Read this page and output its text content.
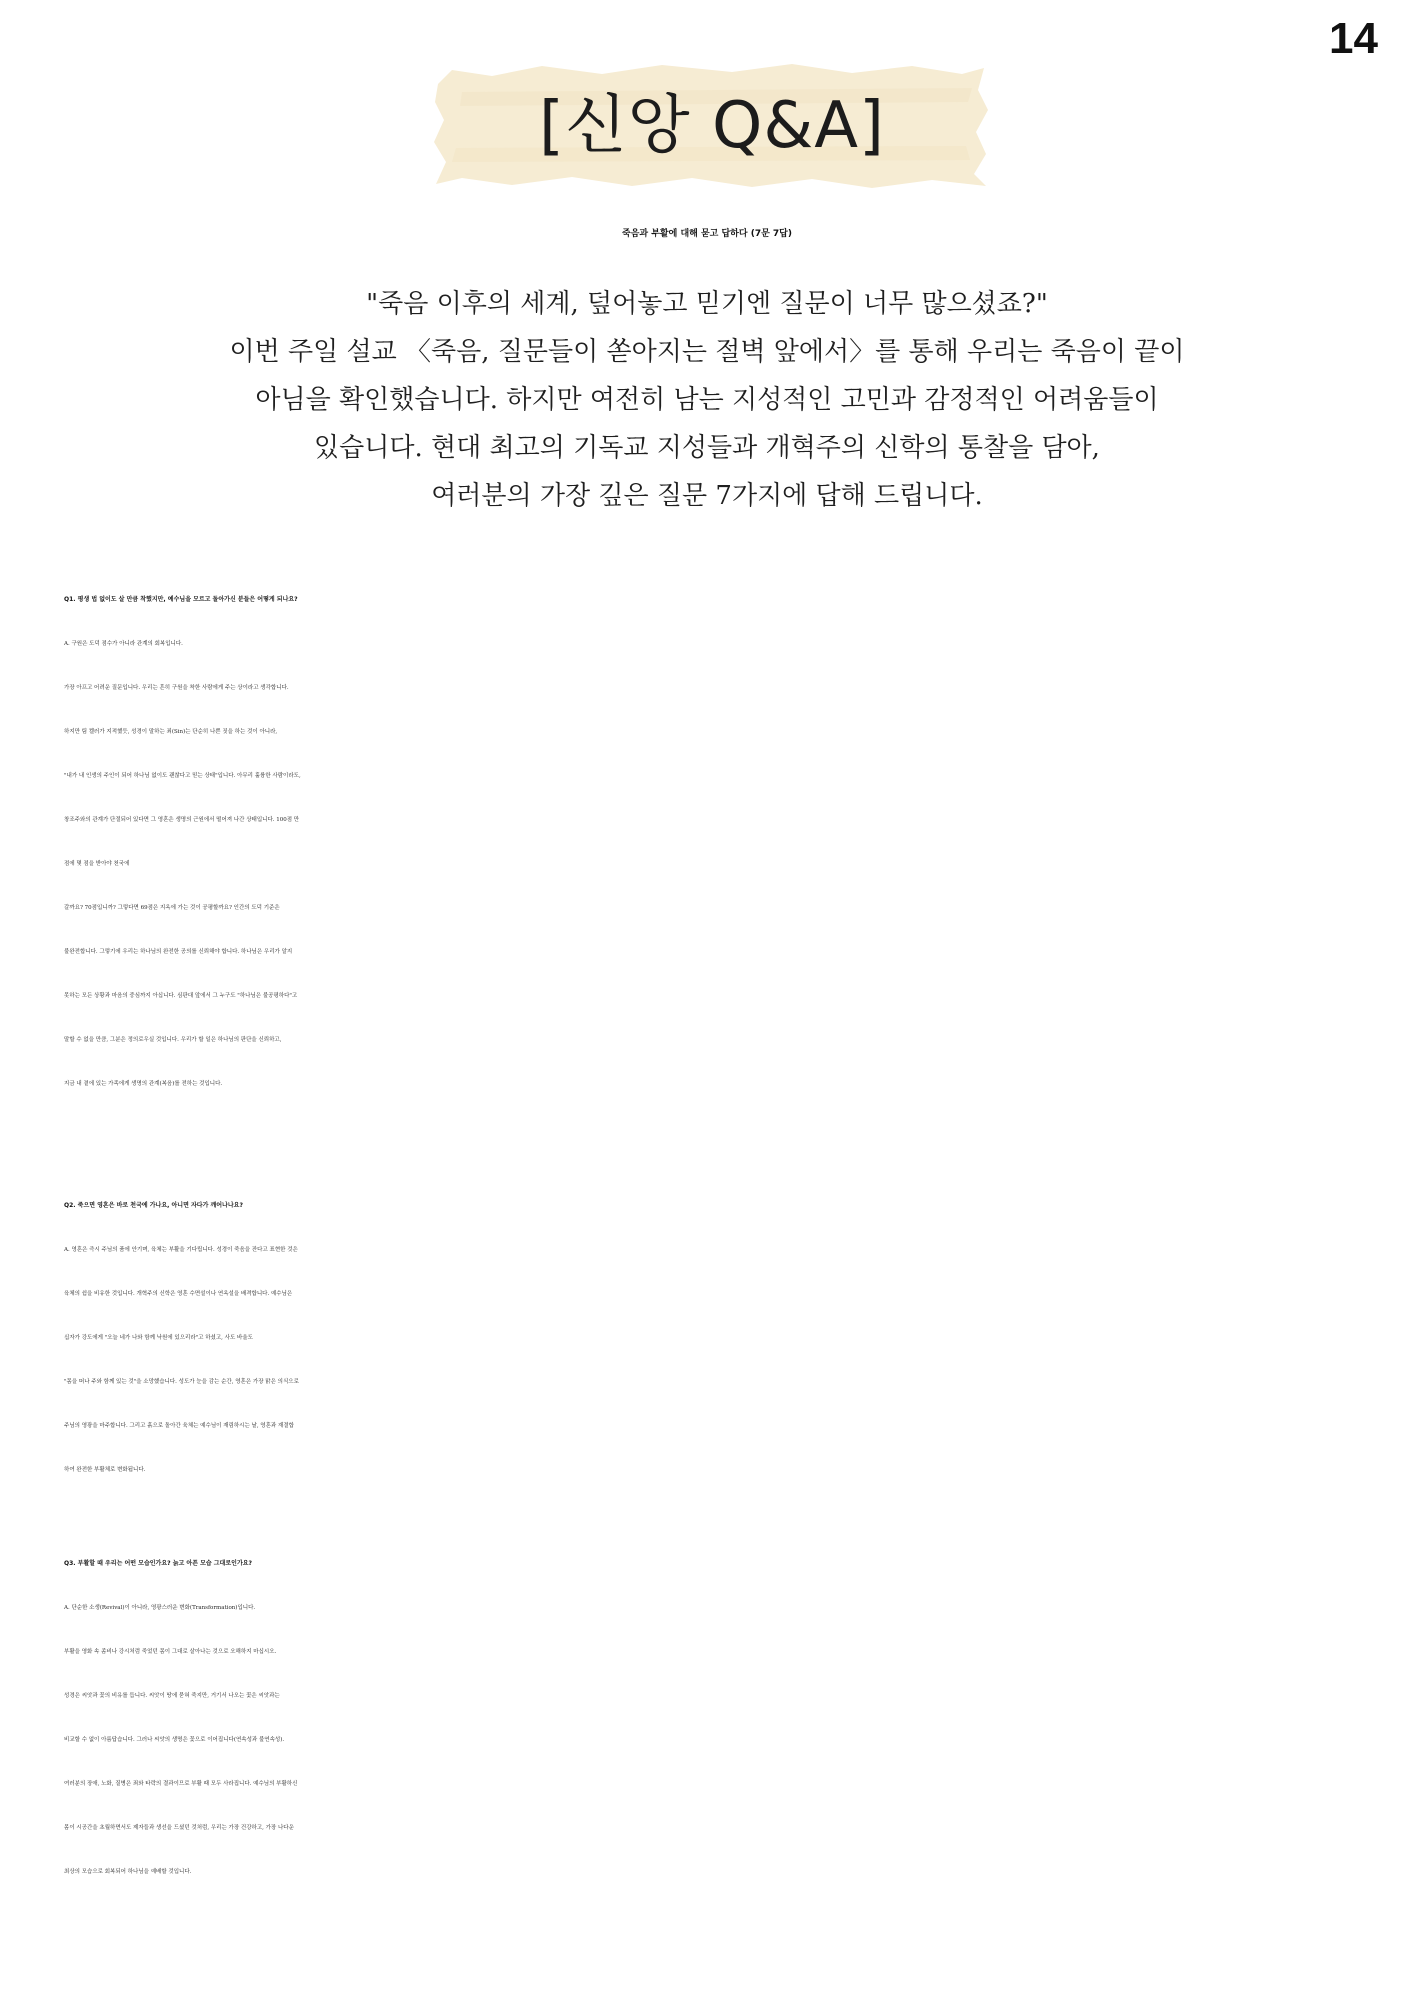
14
[신앙 Q&A]
죽음과 부활에 대해 묻고 답하다 (7문 7답)

"죽음 이후의 세계, 덮어놓고 믿기엔 질문이 너무 많으셨죠?"

이번 주일 설교 〈죽음, 질문들이 쏟아지는 절벽 앞에서〉를 통해 우리는 죽음이 끝이

아님을 확인했습니다. 하지만 여전히 남는 지성적인 고민과 감정적인 어려움들이

있습니다. 현대 최고의 기독교 지성들과 개혁주의 신학의 통찰을 담아,

여러분의 가장 깊은 질문 7가지에 답해 드립니다.

Q1. 평생 법 없이도 살 만큼 착했지만, 예수님을 모르고 돌아가신 분들은 어떻게 되나요?

A. 구원은 도덕 점수가 아니라 관계의 회복입니다.

가장 아프고 어려운 질문입니다. 우리는 흔히 구원을 착한 사람에게 주는 상이라고 생각합니다.

하지만 팀 켈러가 지적했듯, 성경이 말하는 죄(Sin)는 단순히 나쁜 짓을 하는 것이 아니라,

"내가 내 인생의 주인이 되어 하나님 없이도 괜찮다고 믿는 상태"입니다. 아무리 훌륭한 사람이라도,

창조주와의 관계가 단절되어 있다면 그 영혼은 생명의 근원에서 떨어져 나간 상태입니다. 100점 만

점에 몇 점을 받아야 천국에

갈까요? 70점입니까? 그렇다면 69점은 지옥에 가는 것이 공평할까요? 인간의 도덕 기준은

불완전합니다. 그렇기에 우리는 하나님의 완전한 공의를 신뢰해야 합니다. 하나님은 우리가 알지

못하는 모든 상황과 마음의 중심까지 아십니다. 심판대 앞에서 그 누구도 "하나님은 불공평하다"고

말할 수 없을 만큼, 그분은 정의로우실 것입니다. 우리가 할 일은 하나님의 판단을 신뢰하고,

지금 내 곁에 있는 가족에게 생명의 관계(복음)를 전하는 것입니다.

Q2. 죽으면 영혼은 바로 천국에 가나요, 아니면 자다가 깨어나나요?

A. 영혼은 즉시 주님의 품에 안기며, 육체는 부활을 기다립니다. 성경이 죽음을 잔다고 표현한 것은

육체의 쉼을 비유한 것입니다. 개혁주의 신학은 영혼 수면설이나 연옥설을 배격합니다. 예수님은

십자가 강도에게 "오늘 네가 나와 함께 낙원에 있으리라"고 하셨고, 사도 바울도

"몸을 떠나 주와 함께 있는 것"을 소망했습니다. 성도가 눈을 감는 순간, 영혼은 가장 맑은 의식으로

주님의 영광을 마주합니다. 그리고 흙으로 돌아간 육체는 예수님이 재림하시는 날, 영혼과 재결합

하여 완전한 부활체로 변화됩니다.

Q3. 부활할 때 우리는 어떤 모습인가요? 늙고 아픈 모습 그대로인가요?

A. 단순한 소생(Revival)이 아니라, 영광스러운 변화(Transformation)입니다.

부활을 영화 속 좀비나 강시처럼 죽었던 몸이 그대로 살아나는 것으로 오해하지 마십시오.

성경은 씨앗과 꽃의 비유를 듭니다. 씨앗이 땅에 묻혀 죽지만, 거기서 나오는 꽃은 씨앗과는

비교할 수 없이 아름답습니다. 그러나 씨앗의 생명은 꽃으로 이어집니다(연속성과 불연속성).

여러분의 장애, 노화, 질병은 죄와 타락의 결과이므로 부활 때 모두 사라집니다. 예수님의 부활하신

몸이 시공간을 초월하면서도 제자들과 생선을 드셨던 것처럼, 우리는 가장 건강하고, 가장 나다운

최상의 모습으로 회복되어 하나님을 예배할 것입니다.
